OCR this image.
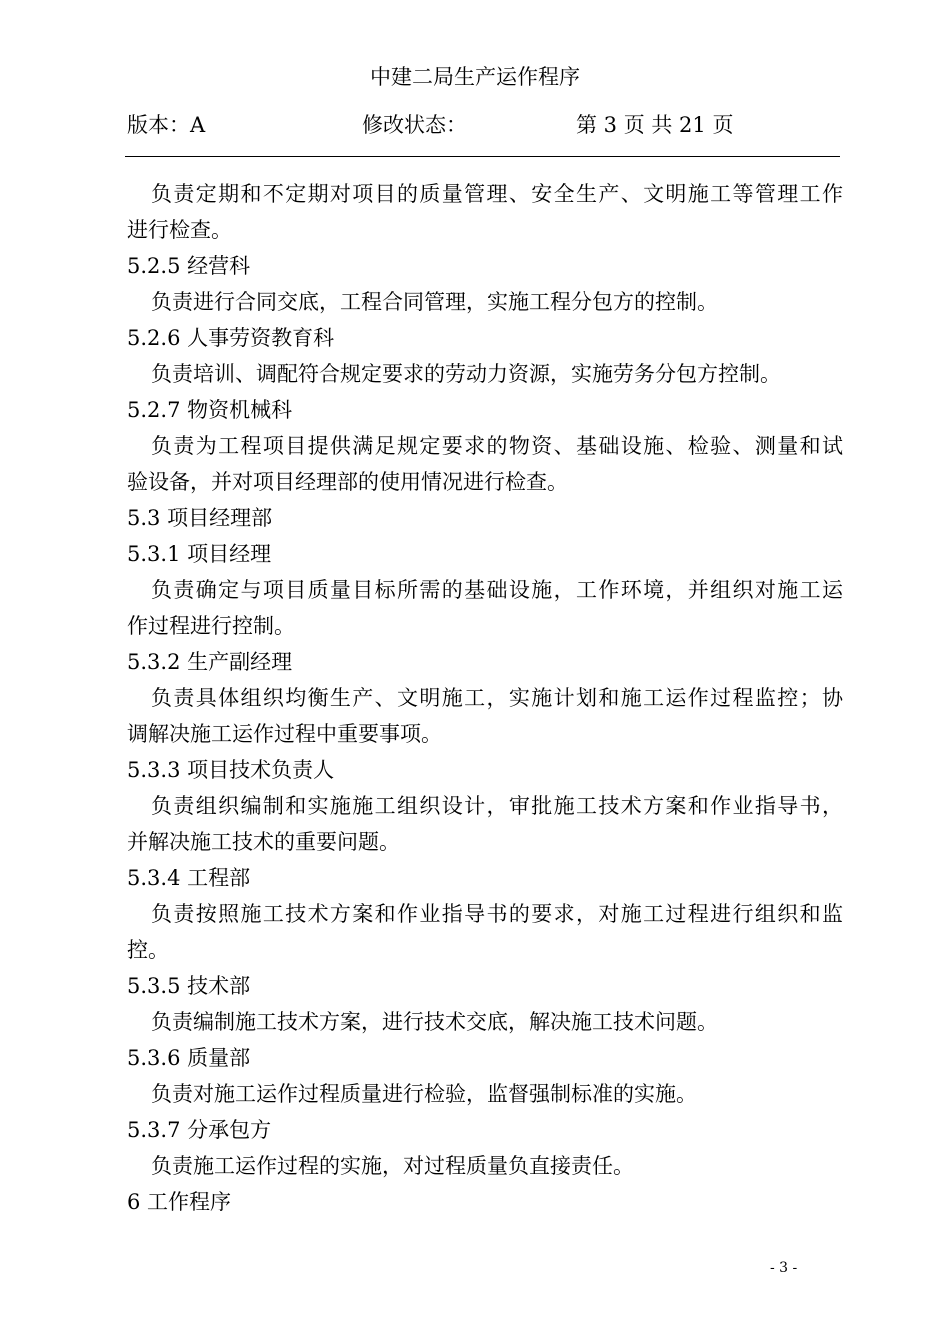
中建二局生产运作程序
版本：A	修改状态：	第 3 页 共 21 页
负责定期和不定期对项目的质量管理、安全生产、文明施工等管理工作
进行检查。
5.2.5 经营科
负责进行合同交底，工程合同管理，实施工程分包方的控制。
5.2.6 人事劳资教育科
负责培训、调配符合规定要求的劳动力资源，实施劳务分包方控制。
5.2.7 物资机械科
负责为工程项目提供满足规定要求的物资、基础设施、检验、测量和试
验设备，并对项目经理部的使用情况进行检查。
5.3 项目经理部
5.3.1 项目经理
负责确定与项目质量目标所需的基础设施，工作环境，并组织对施工运
作过程进行控制。
5.3.2 生产副经理
负责具体组织均衡生产、文明施工，实施计划和施工运作过程监控；协
调解决施工运作过程中重要事项。
5.3.3 项目技术负责人
负责组织编制和实施施工组织设计，审批施工技术方案和作业指导书，
并解决施工技术的重要问题。
5.3.4 工程部
负责按照施工技术方案和作业指导书的要求，对施工过程进行组织和监
控。
5.3.5 技术部
负责编制施工技术方案，进行技术交底，解决施工技术问题。
5.3.6 质量部
负责对施工运作过程质量进行检验，监督强制标准的实施。
5.3.7 分承包方
负责施工运作过程的实施，对过程质量负直接责任。
6 工作程序
- 3 -
